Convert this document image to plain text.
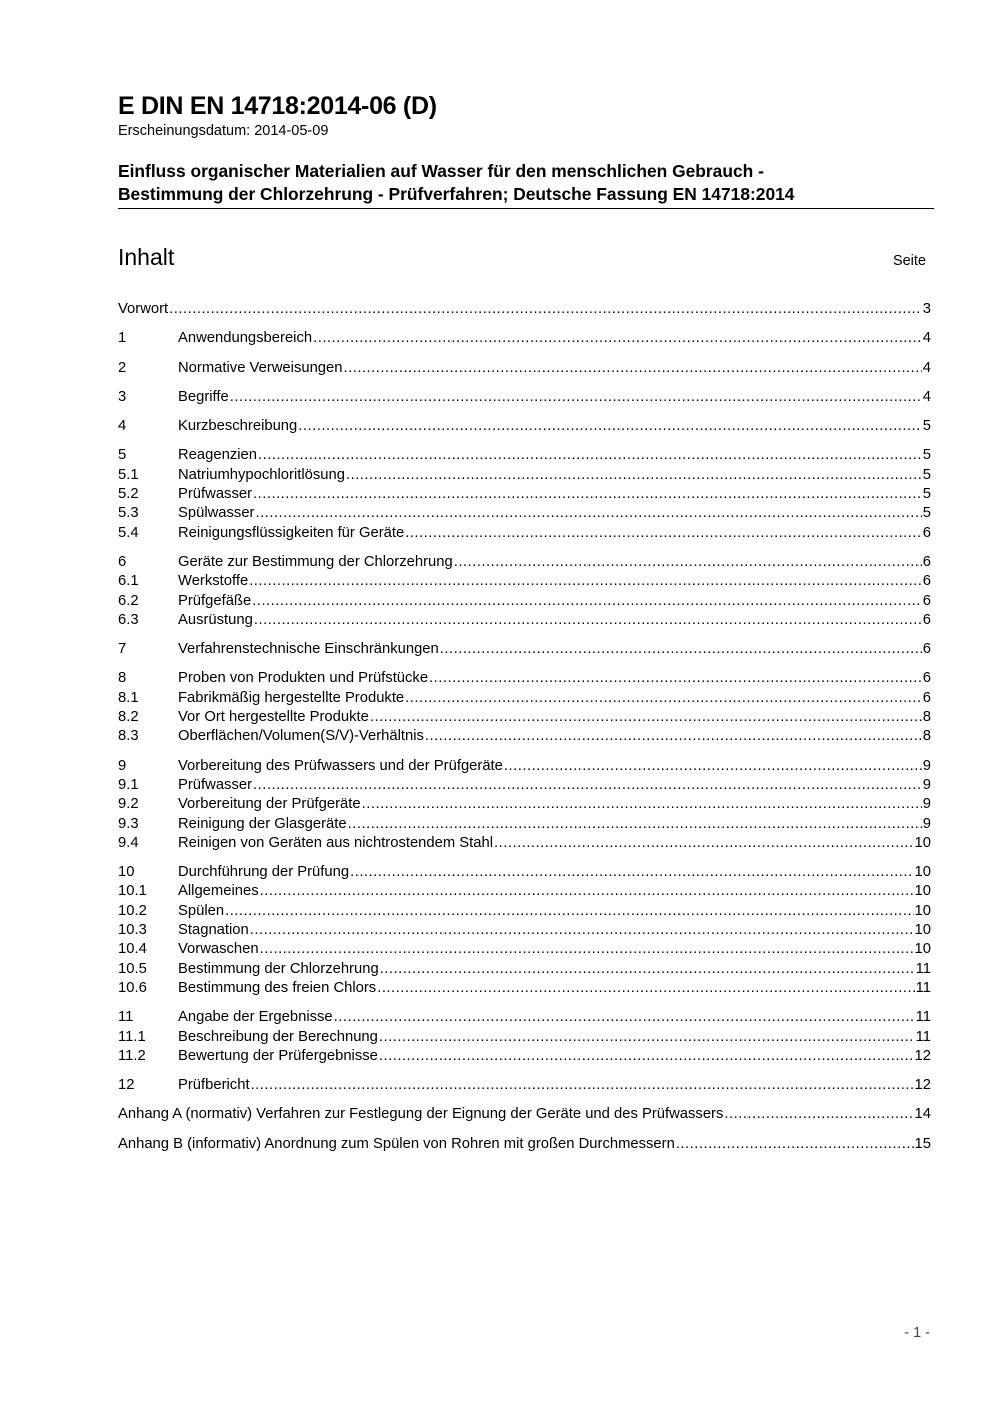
E DIN EN 14718:2014-06 (D)
Erscheinungsdatum: 2014-05-09
Einfluss organischer Materialien auf Wasser für den menschlichen Gebrauch -
Bestimmung der Chlorzehrung - Prüfverfahren; Deutsche Fassung EN 14718:2014
Inhalt	Seite
Vorwort .....	3
1	Anwendungsbereich .....	4
2	Normative Verweisungen .....	4
3	Begriffe .....	4
4	Kurzbeschreibung .....	5
5	Reagenzien .....	5
5.1	Natriumhypochloritlösung .....	5
5.2	Prüfwasser .....	5
5.3	Spülwasser .....	5
5.4	Reinigungsflüssigkeiten für Geräte .....	6
6	Geräte zur Bestimmung der Chlorzehrung .....	6
6.1	Werkstoffe .....	6
6.2	Prüfgefäße .....	6
6.3	Ausrüstung .....	6
7	Verfahrenstechnische Einschränkungen .....	6
8	Proben von Produkten und Prüfstücke .....	6
8.1	Fabrikmäßig hergestellte Produkte .....	6
8.2	Vor Ort hergestellte Produkte .....	8
8.3	Oberflächen/Volumen(S/V)-Verhältnis .....	8
9	Vorbereitung des Prüfwassers und der Prüfgeräte .....	9
9.1	Prüfwasser .....	9
9.2	Vorbereitung der Prüfgeräte .....	9
9.3	Reinigung der Glasgeräte .....	9
9.4	Reinigen von Geräten aus nichtrostendem Stahl .....	10
10	Durchführung der Prüfung .....	10
10.1	Allgemeines .....	10
10.2	Spülen .....	10
10.3	Stagnation .....	10
10.4	Vorwaschen .....	10
10.5	Bestimmung der Chlorzehrung .....	11
10.6	Bestimmung des freien Chlors .....	11
11	Angabe der Ergebnisse .....	11
11.1	Beschreibung der Berechnung .....	11
11.2	Bewertung der Prüfergebnisse .....	12
12	Prüfbericht .....	12
Anhang A (normativ) Verfahren zur Festlegung der Eignung der Geräte und des Prüfwassers .....	14
Anhang B (informativ) Anordnung zum Spülen von Rohren mit großen Durchmessern .....	15
- 1 -
